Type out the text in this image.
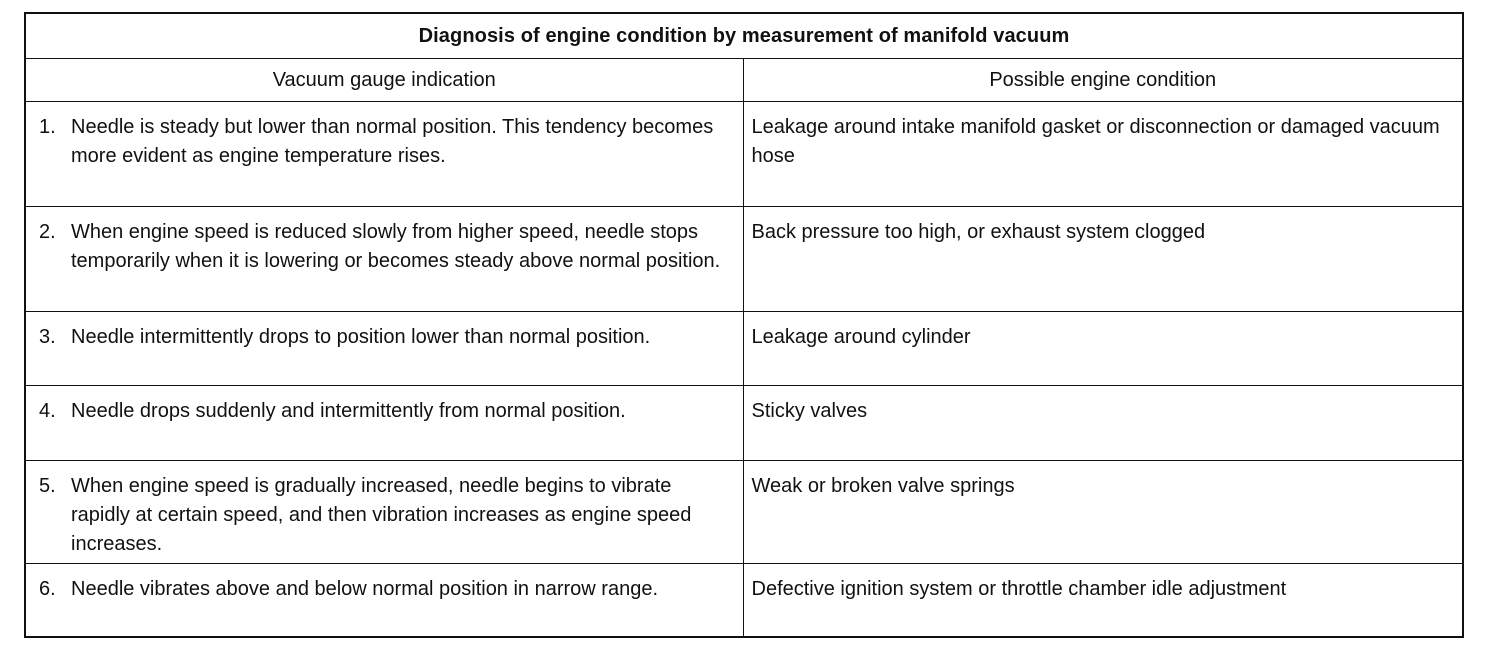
Diagnosis of engine condition by measurement of manifold vacuum	
Vacuum gauge indication	Possible engine condition

1. Needle is steady but lower than normal position. This tendency becomes more evident as engine temperature rises.	Leakage around intake manifold gasket or disconnection or damaged vacuum hose

2. When engine speed is reduced slowly from higher speed, needle stops temporarily when it is lowering or becomes steady above normal position.	Back pressure too high, or exhaust system clogged

3. Needle intermittently drops to position lower than normal position.	Leakage around cylinder

4. Needle drops suddenly and intermittently from normal position.	Sticky valves

5. When engine speed is gradually increased, needle begins to vibrate rapidly at certain speed, and then vibration increases as engine speed increases.	Weak or broken valve springs

6. Needle vibrates above and below normal position in narrow range.	Defective ignition system or throttle chamber idle adjustment
